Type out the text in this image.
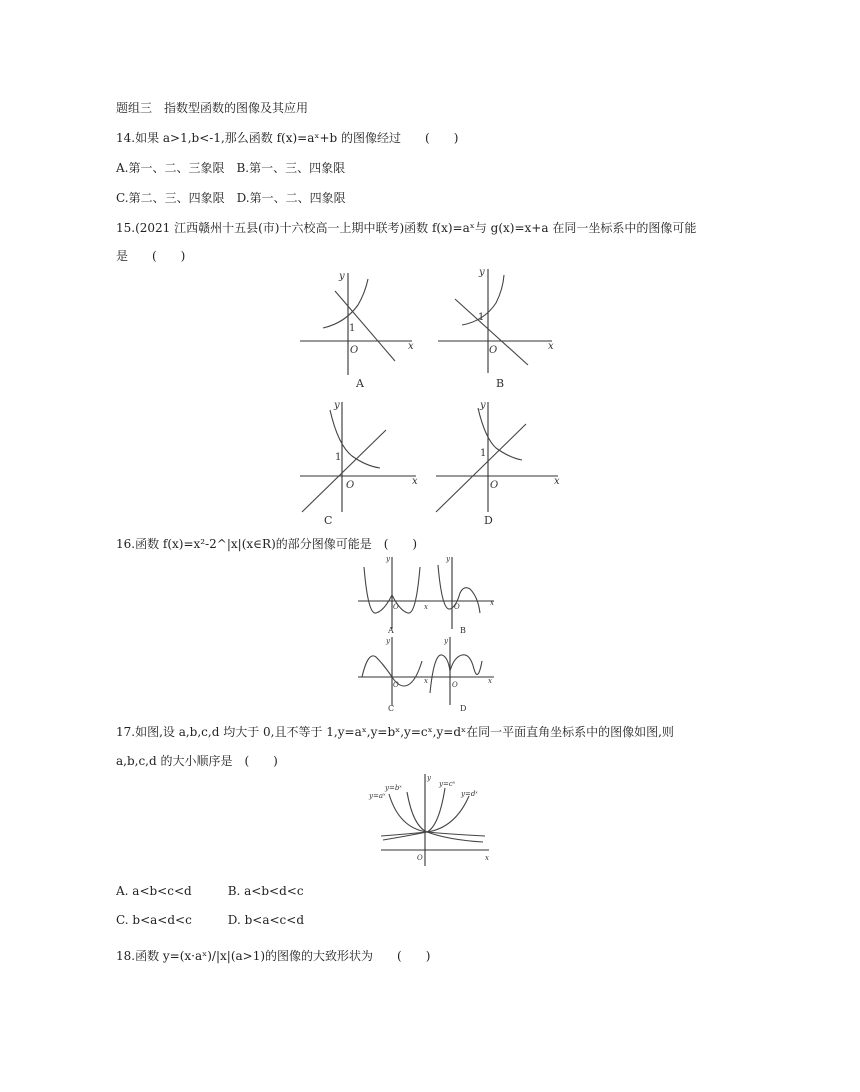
题组三　指数型函数的图像及其应用
14.如果 a>1,b<-1,那么函数 f(x)=aˣ+b 的图像经过　　(　　)
A.第一、二、三象限　B.第一、三、四象限
C.第二、三、四象限　D.第一、二、四象限
15.(2021 江西赣州十五县(市)十六校高一上期中联考)函数 f(x)=aˣ与 g(x)=x+a 在同一坐标系中的图像可能
是　　(　　)
x
y
O
1
A
x
y
O
1
B
x
y
O
1
C
x
y
O
1
D
16.函数 f(x)=x²-2^|x|(x∈R)的部分图像可能是　(　　)
x
y
O
A
x
y
O
B
x
y
O
C
x
y
O
D
17.如图,设 a,b,c,d 均大于 0,且不等于 1,y=aˣ,y=bˣ,y=cˣ,y=dˣ在同一平面直角坐标系中的图像如图,则
a,b,c,d 的大小顺序是　(　　)
x
y
O
y=aˣ
y=bˣ	y=cˣ
y=dˣ
A. a<b<c<d　　　B. a<b<d<c
C. b<a<d<c　　　D. b<a<c<d
18.函数 y=(x·aˣ)/|x|(a>1)的图像的大致形状为　　(　　)
